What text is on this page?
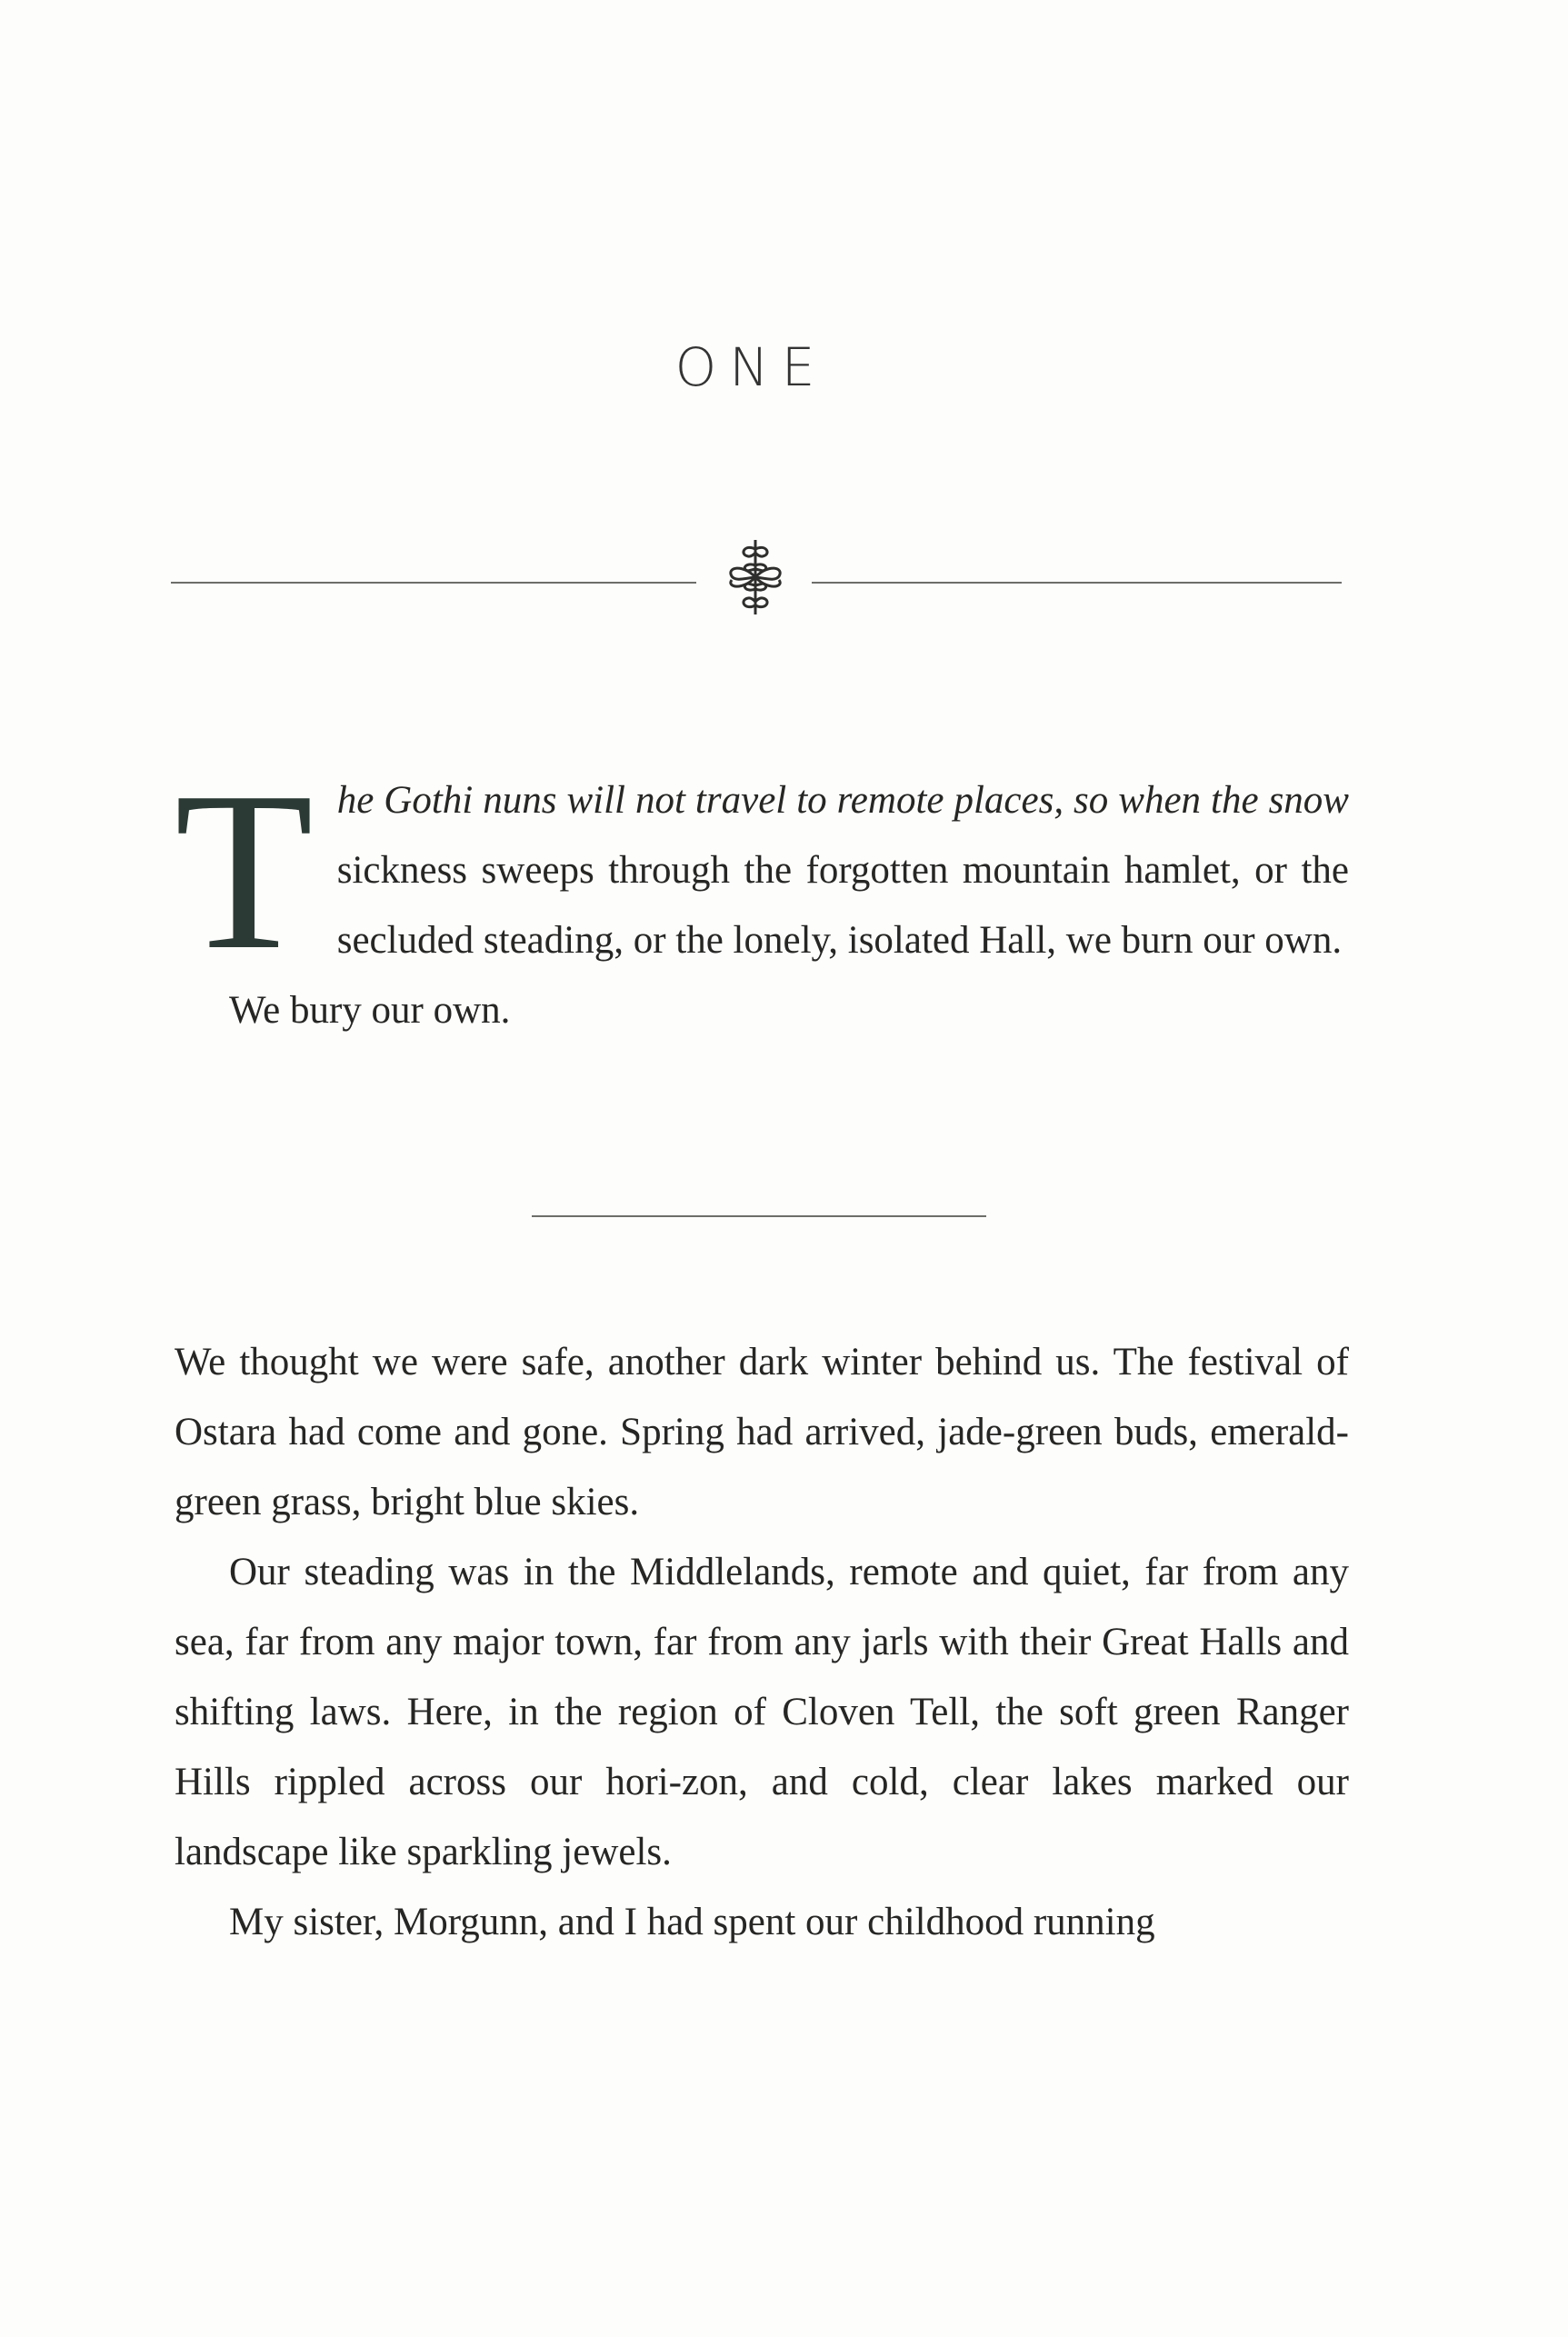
ONE
The Gothi nuns will not travel to remote places, so when the snow sickness sweeps through the forgotten mountain hamlet, or the secluded steading, or the lonely, isolated Hall, we burn our own.

We bury our own.

We thought we were safe, another dark winter behind us. The festival of Ostara had come and gone. Spring had arrived, jade-green buds, emerald-green grass, bright blue skies.

Our steading was in the Middlelands, remote and quiet, far from any sea, far from any major town, far from any jarls with their Great Halls and shifting laws. Here, in the region of Cloven Tell, the soft green Ranger Hills rippled across our hori-zon, and cold, clear lakes marked our landscape like sparkling jewels.

My sister, Morgunn, and I had spent our childhood running
